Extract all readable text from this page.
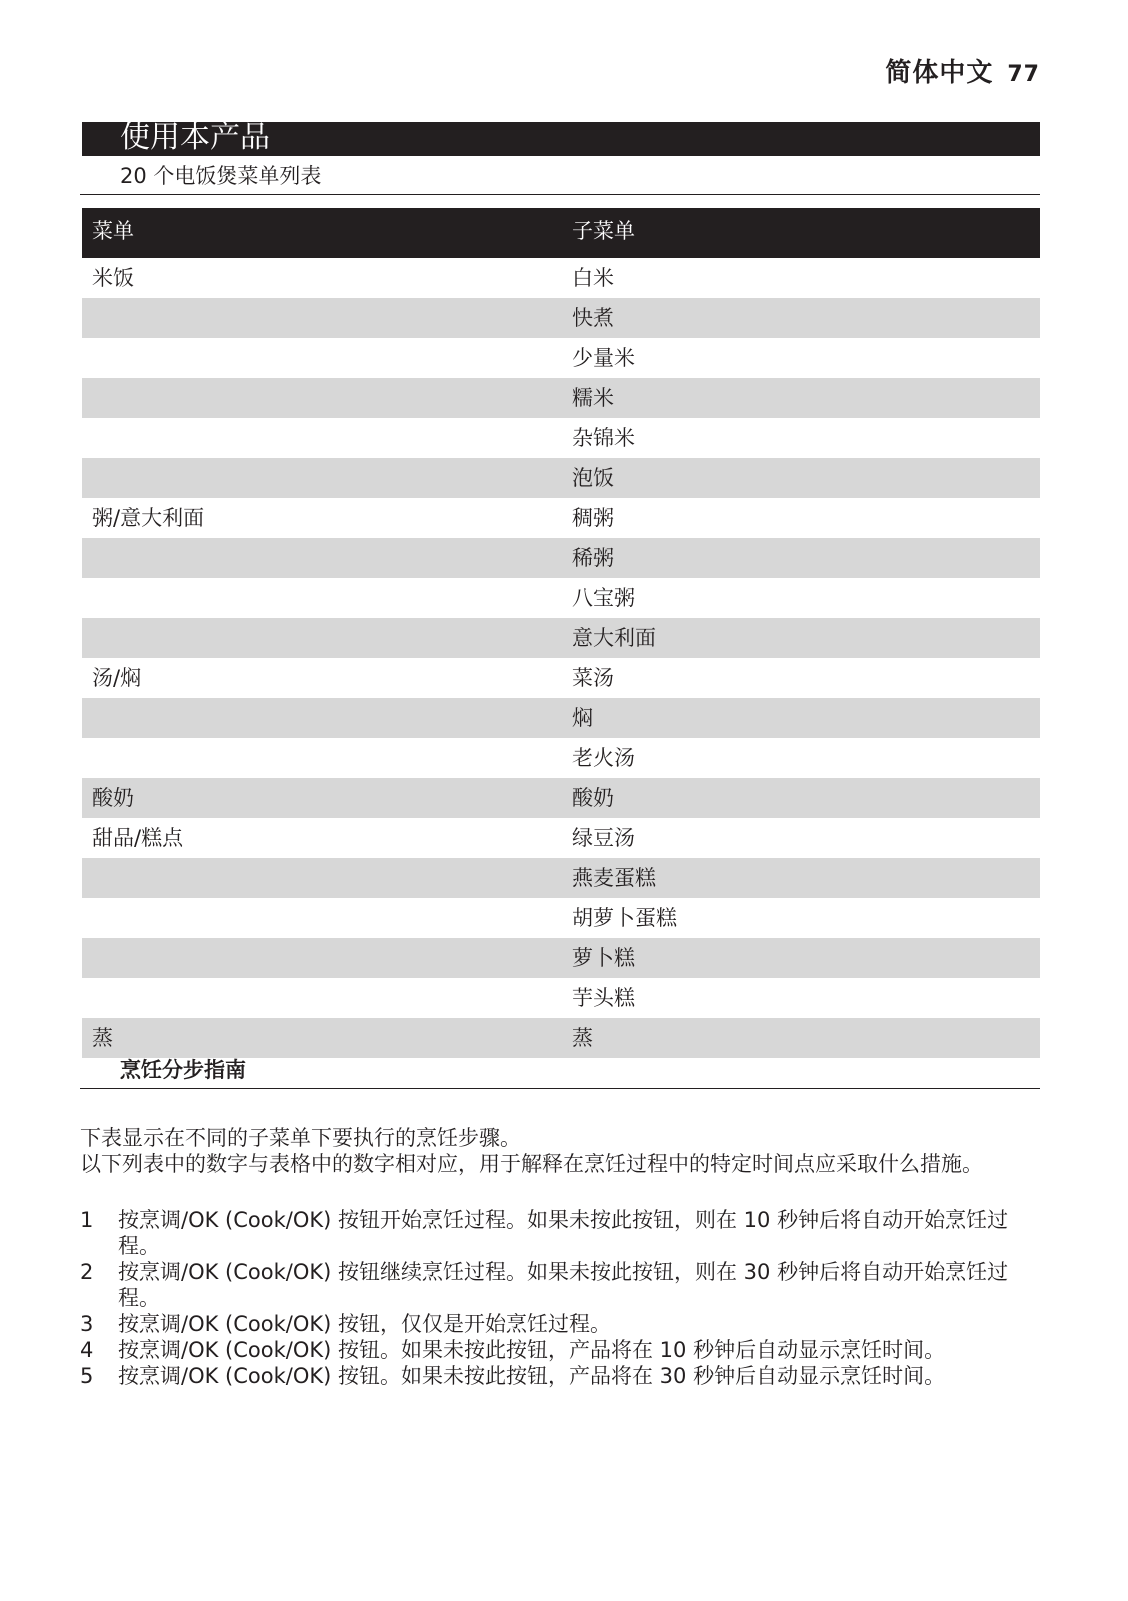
简体中文 77
使用本产品
20 个电饭煲菜单列表
菜单	子菜单
米饭	白米
	快煮
	少量米
	糯米
	杂锦米
	泡饭
粥/意大利面	稠粥
	稀粥
	八宝粥
	意大利面
汤/焖	菜汤
	焖
	老火汤
酸奶	酸奶
甜品/糕点	绿豆汤
	燕麦蛋糕
	胡萝卜蛋糕
	萝卜糕
	芋头糕
蒸	蒸
烹饪分步指南

下表显示在不同的子菜单下要执行的烹饪步骤。

以下列表中的数字与表格中的数字相对应，用于解释在烹饪过程中的特定时间点应采取什么措施。

1 按烹调/OK (Cook/OK) 按钮开始烹饪过程。如果未按此按钮，则在 10 秒钟后将自动开始烹饪过程。
2 按烹调/OK (Cook/OK) 按钮继续烹饪过程。如果未按此按钮，则在 30 秒钟后将自动开始烹饪过程。
3 按烹调/OK (Cook/OK) 按钮，仅仅是开始烹饪过程。
4 按烹调/OK (Cook/OK) 按钮。如果未按此按钮，产品将在 10 秒钟后自动显示烹饪时间。
5 按烹调/OK (Cook/OK) 按钮。如果未按此按钮，产品将在 30 秒钟后自动显示烹饪时间。
